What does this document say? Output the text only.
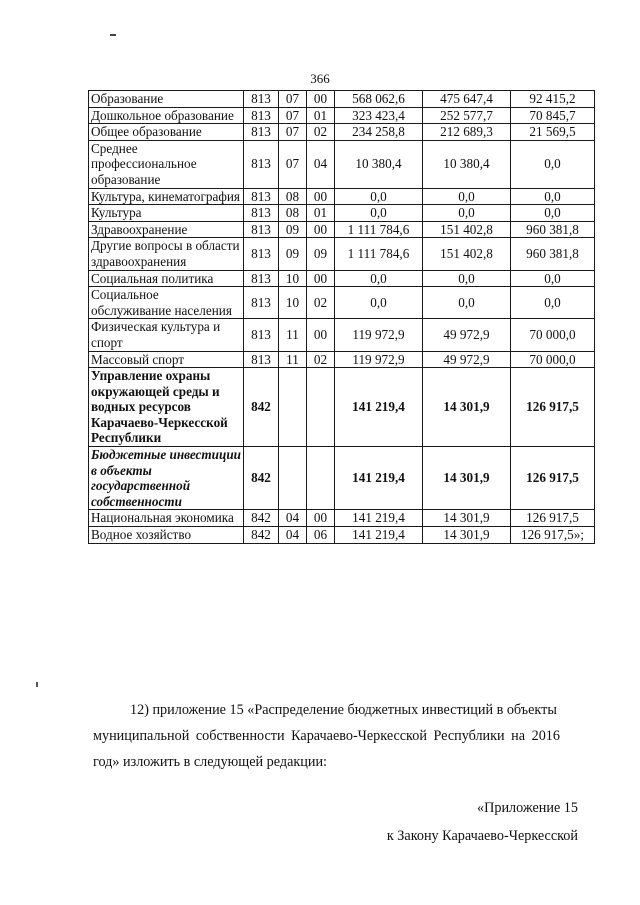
366
Образование	813	07	00	568 062,6	475 647,4	92 415,2
Дошкольное образование	813	07	01	323 423,4	252 577,7	70 845,7
Общее образование	813	07	02	234 258,8	212 689,3	21 569,5
Среднее профессиональное образование	813	07	04	10 380,4	10 380,4	0,0
Культура, кинематография	813	08	00	0,0	0,0	0,0
Культура	813	08	01	0,0	0,0	0,0
Здравоохранение	813	09	00	1 111 784,6	151 402,8	960 381,8
Другие вопросы в области здравоохранения	813	09	09	1 111 784,6	151 402,8	960 381,8
Социальная политика	813	10	00	0,0	0,0	0,0
Социальное обслуживание населения	813	10	02	0,0	0,0	0,0
Физическая культура и спорт	813	11	00	119 972,9	49 972,9	70 000,0
Массовый спорт	813	11	02	119 972,9	49 972,9	70 000,0
Управление охраны окружающей среды и водных ресурсов Карачаево-Черкесской Республики	842			141 219,4	14 301,9	126 917,5
Бюджетные инвестиции в объекты государственной собственности	842			141 219,4	14 301,9	126 917,5
Национальная экономика	842	04	00	141 219,4	14 301,9	126 917,5
Водное хозяйство	842	04	06	141 219,4	14 301,9	126 917,5»;
12) приложение 15 «Распределение бюджетных инвестиций в объекты
муниципальной собственности Карачаево-Черкесской Республики на 2016
год» изложить в следующей редакции:
«Приложение 15
к Закону Карачаево-Черкесской
